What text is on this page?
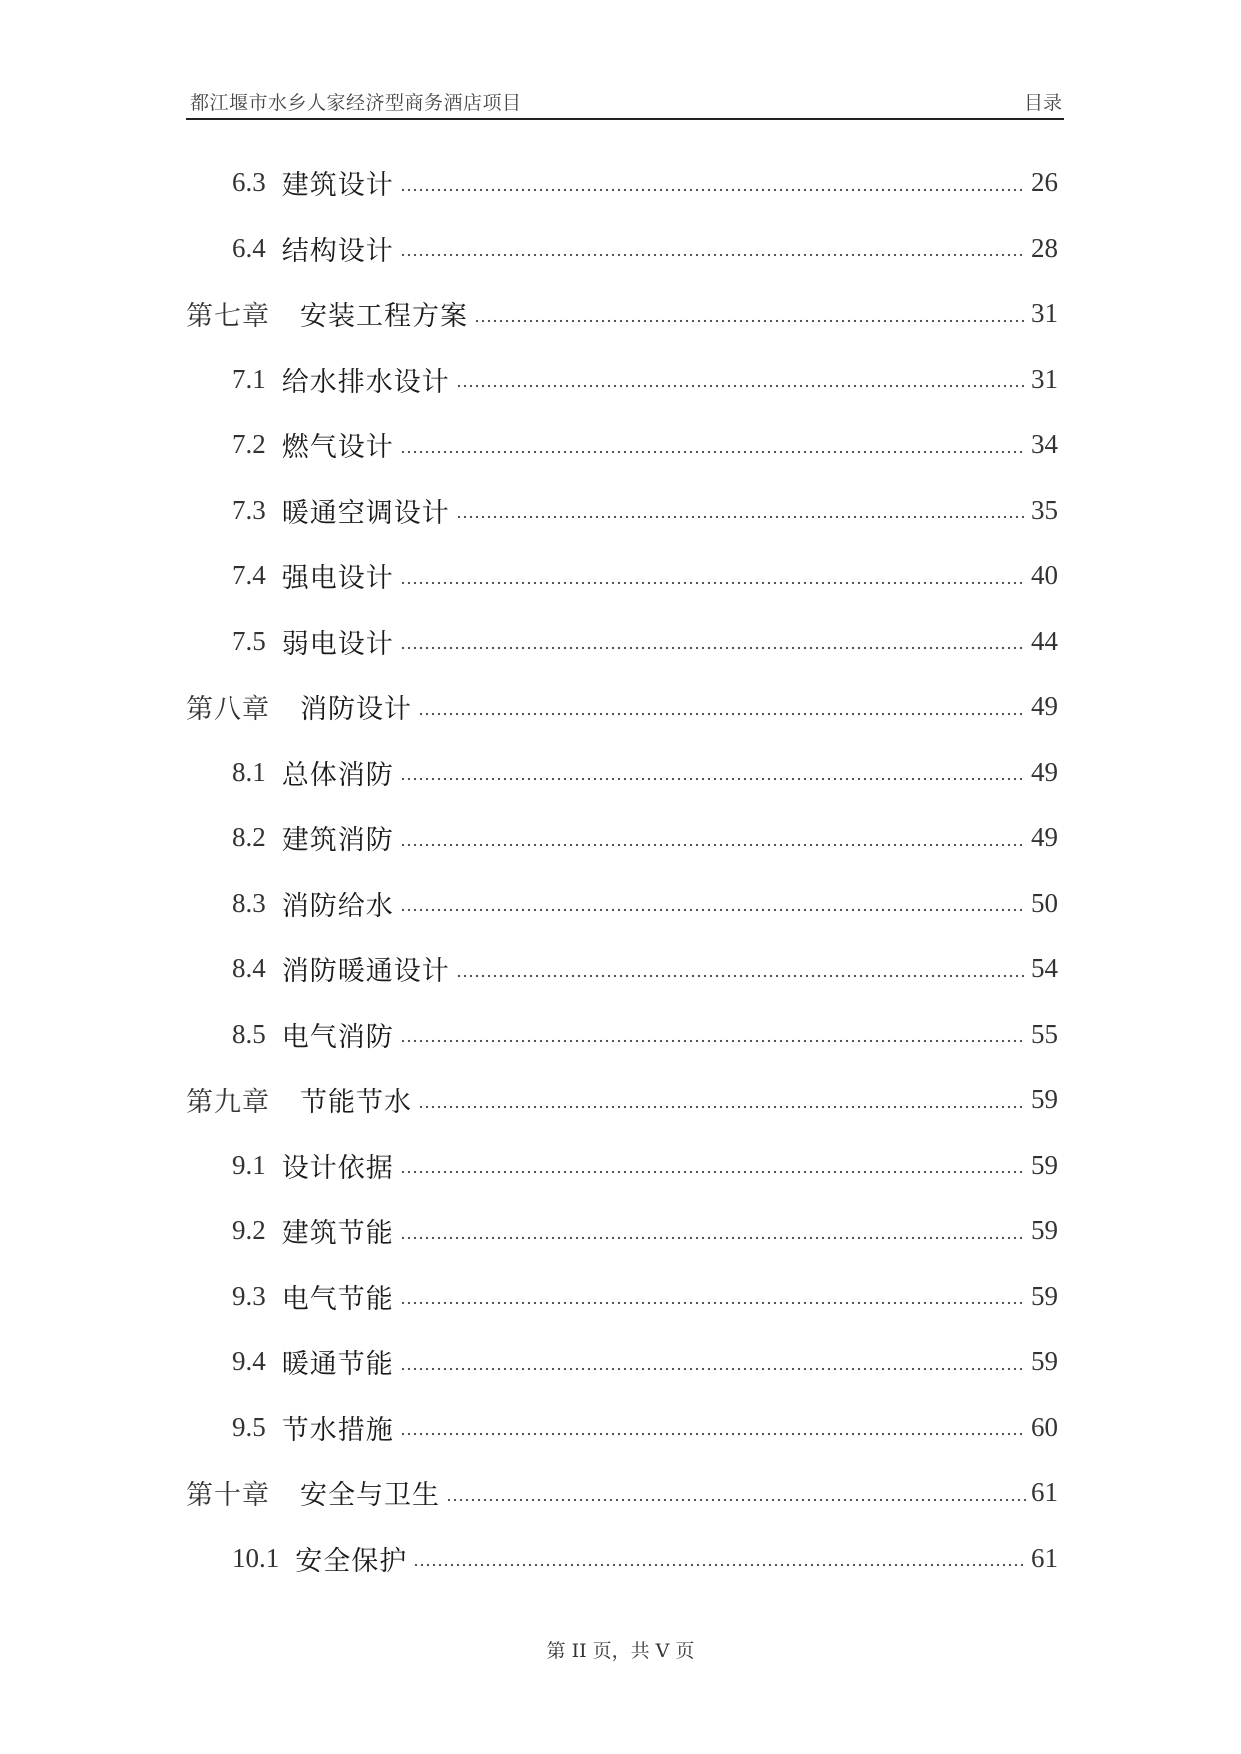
都江堰市水乡人家经济型商务酒店项目	目录
6.3 建筑设计	26
6.4 结构设计	28
第七章 安装工程方案	31
7.1 给水排水设计	31
7.2 燃气设计	34
7.3 暖通空调设计	35
7.4 强电设计	40
7.5 弱电设计	44
第八章 消防设计	49
8.1 总体消防	49
8.2 建筑消防	49
8.3 消防给水	50
8.4 消防暖通设计	54
8.5 电气消防	55
第九章 节能节水	59
9.1 设计依据	59
9.2 建筑节能	59
9.3 电气节能	59
9.4 暖通节能	59
9.5 节水措施	60
第十章 安全与卫生	61
10.1 安全保护	61
第 II 页，共 V 页
